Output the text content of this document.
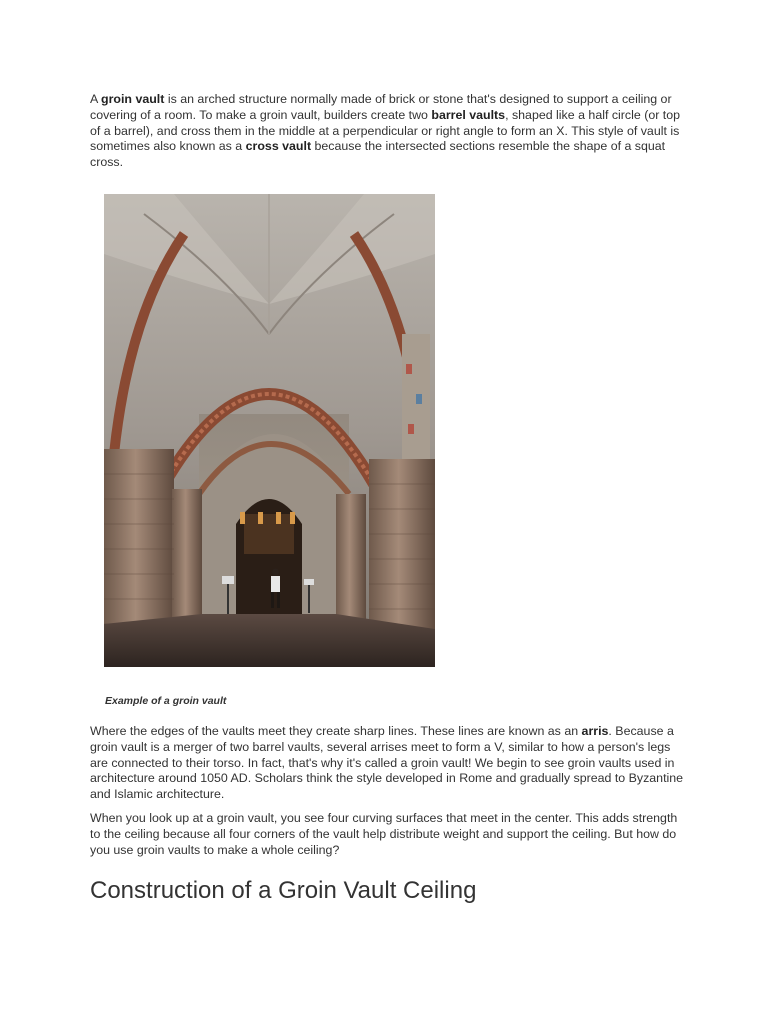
A groin vault is an arched structure normally made of brick or stone that's designed to support a ceiling or covering of a room. To make a groin vault, builders create two barrel vaults, shaped like a half circle (or top of a barrel), and cross them in the middle at a perpendicular or right angle to form an X. This style of vault is sometimes also known as a cross vault because the intersected sections resemble the shape of a squat cross.

Example of a groin vault

Where the edges of the vaults meet they create sharp lines. These lines are known as an arris. Because a groin vault is a merger of two barrel vaults, several arrises meet to form a V, similar to how a person's legs are connected to their torso. In fact, that's why it's called a groin vault! We begin to see groin vaults used in architecture around 1050 AD. Scholars think the style developed in Rome and gradually spread to Byzantine and Islamic architecture.

When you look up at a groin vault, you see four curving surfaces that meet in the center. This adds strength to the ceiling because all four corners of the vault help distribute weight and support the ceiling. But how do you use groin vaults to make a whole ceiling?

Construction of a Groin Vault Ceiling
